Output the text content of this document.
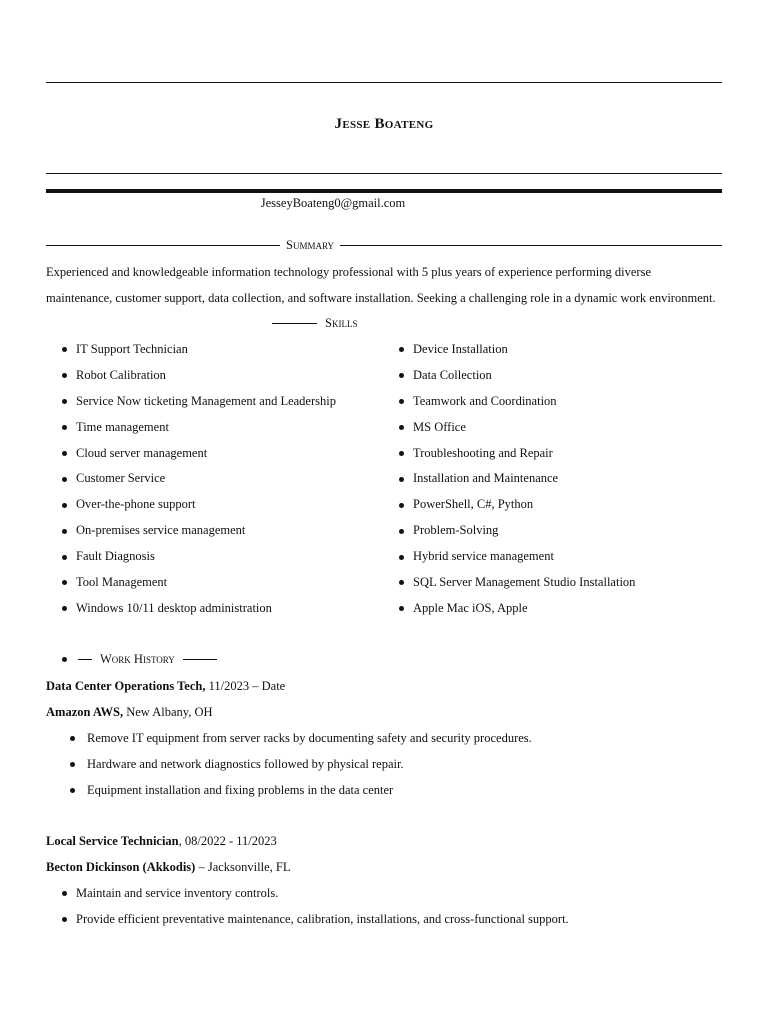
Jesse Boateng
JesseyBoateng0@gmail.com
Summary
Experienced and knowledgeable information technology professional with 5 plus years of experience performing diverse
maintenance, customer support, data collection, and software installation. Seeking a challenging role in a dynamic work environment.
Skills
IT Support Technician
Robot Calibration
Service Now ticketing Management and Leadership
Time management
Cloud server management
Customer Service
Over-the-phone support
On-premises service management
Fault Diagnosis
Tool Management
Windows 10/11 desktop administration
Device Installation
Data Collection
Teamwork and Coordination
MS Office
Troubleshooting and Repair
Installation and Maintenance
PowerShell, C#, Python
Problem-Solving
Hybrid service management
SQL Server Management Studio Installation
Apple Mac iOS, Apple
Work History
Data Center Operations Tech, 11/2023 – Date
Amazon AWS, New Albany, OH
Remove IT equipment from server racks by documenting safety and security procedures.
Hardware and network diagnostics followed by physical repair.
Equipment installation and fixing problems in the data center
Local Service Technician, 08/2022 - 11/2023
Becton Dickinson (Akkodis) – Jacksonville, FL
Maintain and service inventory controls.
Provide efficient preventative maintenance, calibration, installations, and cross-functional support.
